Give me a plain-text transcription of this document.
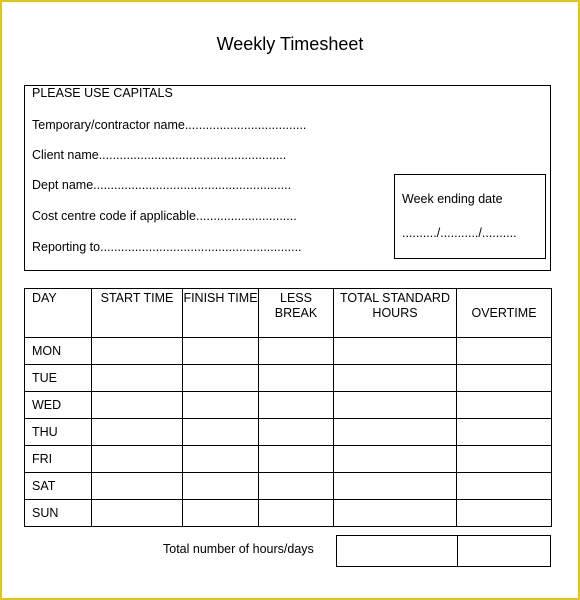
Weekly Timesheet
PLEASE USE CAPITALS
Temporary/contractor name...................................
Client name......................................................
Dept name.........................................................
Cost centre code if applicable.............................
Reporting to..........................................................
Week ending date
........../.........../..........
DAY	START TIME	FINISH TIME	LESS BREAK	TOTAL STANDARD HOURS	OVERTIME
MON					
TUE					
WED					
THU					
FRI					
SAT					
SUN					
Total number of hours/days
